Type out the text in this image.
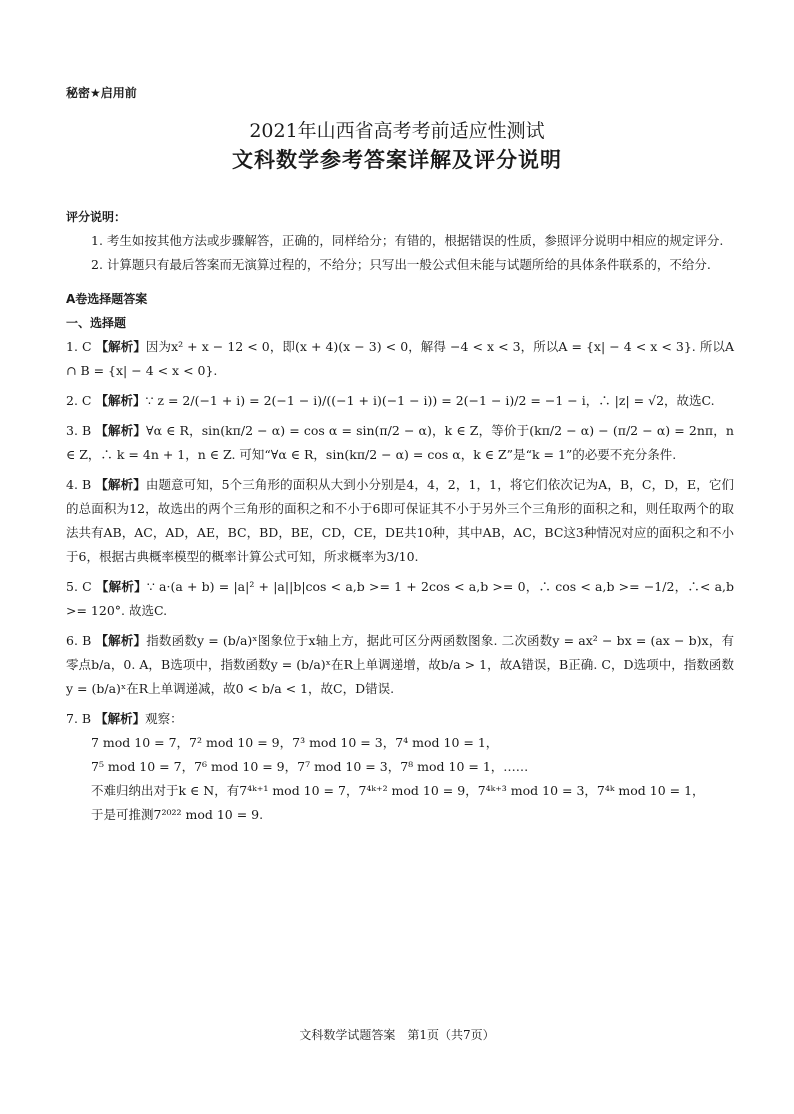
秘密★启用前
2021年山西省高考考前适应性测试
文科数学参考答案详解及评分说明
评分说明：
1. 考生如按其他方法或步骤解答，正确的，同样给分；有错的，根据错误的性质，参照评分说明中相应的规定评分.
2. 计算题只有最后答案而无演算过程的，不给分；只写出一般公式但未能与试题所给的具体条件联系的，不给分.
A卷选择题答案
一、选择题
1. C 【解析】因为x² + x − 12 < 0，即(x + 4)(x − 3) < 0，解得 −4 < x < 3，所以A = {x| − 4 < x < 3}. 所以A ∩ B = {x| − 4 < x < 0}.
2. C 【解析】∵ z = 2/(−1 + i) = 2(−1 − i)/((−1 + i)(−1 − i)) = 2(−1 − i)/2 = −1 − i，∴ |z| = √2，故选C.
3. B 【解析】∀α ∈ R，sin(kπ/2 − α) = cos α = sin(π/2 − α)，k ∈ Z，等价于(kπ/2 − α) − (π/2 − α) = 2nπ，n ∈ Z，∴ k = 4n + 1，n ∈ Z. 可知“∀α ∈ R，sin(kπ/2 − α) = cos α，k ∈ Z”是“k = 1”的必要不充分条件.
4. B 【解析】由题意可知，5个三角形的面积从大到小分别是4，4，2，1，1，将它们依次记为A，B，C，D，E，它们的总面积为12，故选出的两个三角形的面积之和不小于6即可保证其不小于另外三个三角形的面积之和，则任取两个的取法共有AB，AC，AD，AE，BC，BD，BE，CD，CE，DE共10种，其中AB，AC，BC这3种情况对应的面积之和不小于6，根据古典概率模型的概率计算公式可知，所求概率为3/10.
5. C 【解析】∵ a·(a + b) = |a|² + |a||b|cos < a,b >= 1 + 2cos < a,b >= 0，∴ cos < a,b >= −1/2，∴< a,b >= 120°. 故选C.
6. B 【解析】指数函数y = (b/a)ˣ图象位于x轴上方，据此可区分两函数图象. 二次函数y = ax² − bx = (ax − b)x，有零点b/a，0. A，B选项中，指数函数y = (b/a)ˣ在R上单调递增，故b/a > 1，故A错误，B正确. C，D选项中，指数函数y = (b/a)ˣ在R上单调递减，故0 < b/a < 1，故C，D错误.
7. B 【解析】观察：
7 mod 10 = 7，7² mod 10 = 9，7³ mod 10 = 3，7⁴ mod 10 = 1，
7⁵ mod 10 = 7，7⁶ mod 10 = 9，7⁷ mod 10 = 3，7⁸ mod 10 = 1，……
不难归纳出对于k ∈ N，有7⁴ᵏ⁺¹ mod 10 = 7，7⁴ᵏ⁺² mod 10 = 9，7⁴ᵏ⁺³ mod 10 = 3，7⁴ᵏ mod 10 = 1，
于是可推测7²⁰²² mod 10 = 9.
文科数学试题答案　第1页（共7页）
